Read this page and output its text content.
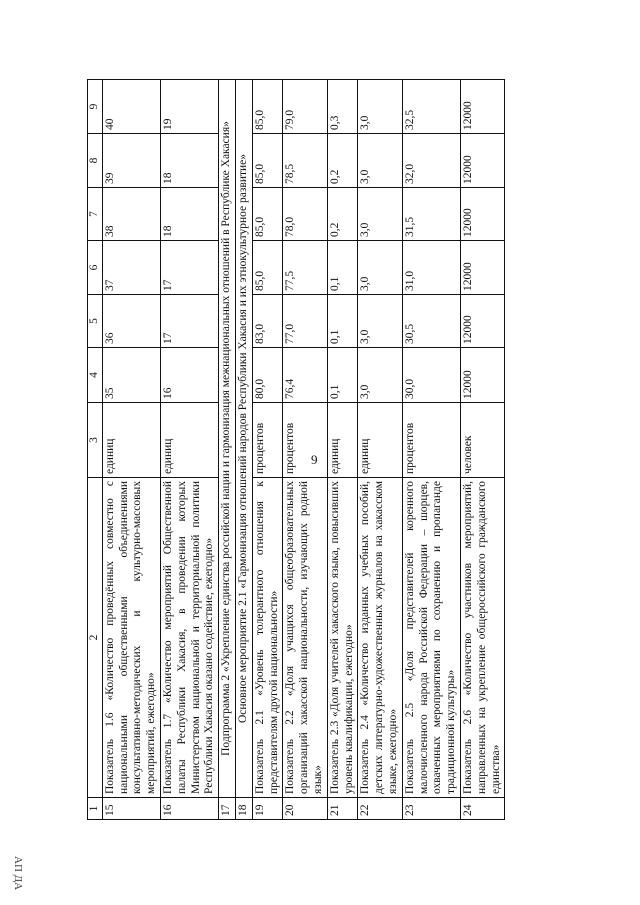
9
АП ДА
1	2	3	4	5	6	7	8	9
15	Показатель 1.6 «Количество проведённых совместно с национальными общественными объединениями консультативно-методических и культурно-массовых мероприятий, ежегодно»	единиц	35	36	37	38	39	40
16	Показатель 1.7 «Количество мероприятий Общественной палаты Республики Хакасия, в проведении которых Министерством национальной и территориальной политики Республики Хакасия оказано содействие, ежегодно»	единиц	16	17	17	18	18	19
17	Подпрограмма 2 «Укрепление единства российской нации и гармонизация межнациональных отношений в Республике Хакасия»							
18	Основное мероприятие 2.1 «Гармонизация отношений народов Республики Хакасия и их этнокультурное развитие»							
19	Показатель 2.1 «Уровень толерантного отношения к представителям другой национальности»	процентов	80,0	83,0	85,0	85,0	85,0	85,0
20	Показатель 2.2 «Доля учащихся общеобразовательных организаций хакасской национальности, изучающих родной язык»	процентов	76,4	77,0	77,5	78,0	78,5	79,0
21	Показатель 2.3 «Доля учителей хакасского языка, повысивших уровень квалификации, ежегодно»	единиц	0,1	0,1	0,1	0,2	0,2	0,3
22	Показатель 2.4 «Количество изданных учебных пособий, детских литературно-художественных журналов на хакасском языке, ежегодно»	единиц	3,0	3,0	3,0	3,0	3,0	3,0
23	Показатель 2.5 «Доля представителей коренного малочисленного народа Российской Федерации – шорцев, охваченных мероприятиями по сохранению и пропаганде традиционной культуры»	процентов	30,0	30,5	31,0	31,5	32,0	32,5
24	Показатель 2.6 «Количество участников мероприятий, направленных на укрепление общероссийского гражданского единства»	человек	12000	12000	12000	12000	12000	12000
